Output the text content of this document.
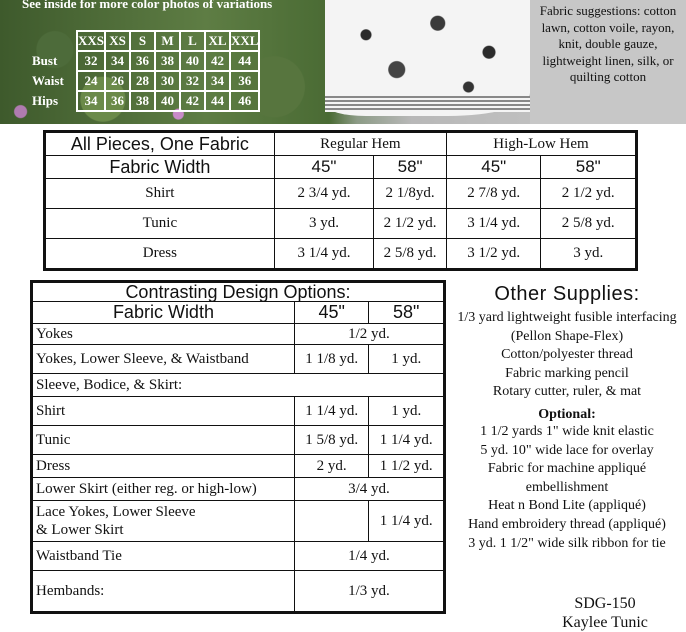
See inside for more color photos of variations	Fabric suggestions: cotton lawn, cotton voile, rayon, knit, double gauze, lightweight linen, silk, or quilting cotton
	XXS	XS	S	M	L	XL	XXL
Bust	32	34	36	38	40	42	44
Waist	24	26	28	30	32	34	36
Hips	34	36	38	40	42	44	46
All Pieces, One Fabric	Regular Hem		High-Low Hem	
Fabric Width	45"	58"	45"	58"
Shirt	2 3/4 yd.	2 1/8yd.	2 7/8 yd.	2 1/2 yd.
Tunic	3 yd.	2 1/2 yd.	3 1/4 yd.	2 5/8 yd.
Dress	3 1/4 yd.	2 5/8 yd.	3 1/2 yd.	3 yd.
Contrasting Design Options:		
Fabric Width	45"	58"
Yokes	1/2 yd.	
Yokes, Lower Sleeve, & Waistband	1 1/8 yd.	1 yd.
Sleeve, Bodice, & Skirt:		
Shirt	1 1/4 yd.	1 yd.
Tunic	1 5/8 yd.	1 1/4 yd.
Dress	2 yd.	1 1/2 yd.
Lower Skirt (either reg. or high-low)	3/4 yd.	
Lace Yokes, Lower Sleeve
& Lower Skirt		1 1/4 yd.
Waistband Tie	1/4 yd.	
Hembands:	1/3 yd.	
Other Supplies:

1/3 yard lightweight fusible interfacing (Pellon Shape-Flex)

Cotton/polyester thread

Fabric marking pencil

Rotary cutter, ruler, & mat

Optional:

1 1/2 yards 1" wide knit elastic

5 yd. 10" wide lace for overlay

Fabric for machine appliqué embellishment

Heat n Bond Lite (appliqué)

Hand embroidery thread (appliqué)

3 yd. 1 1/2" wide silk ribbon for tie

SDG-150
Kaylee Tunic
